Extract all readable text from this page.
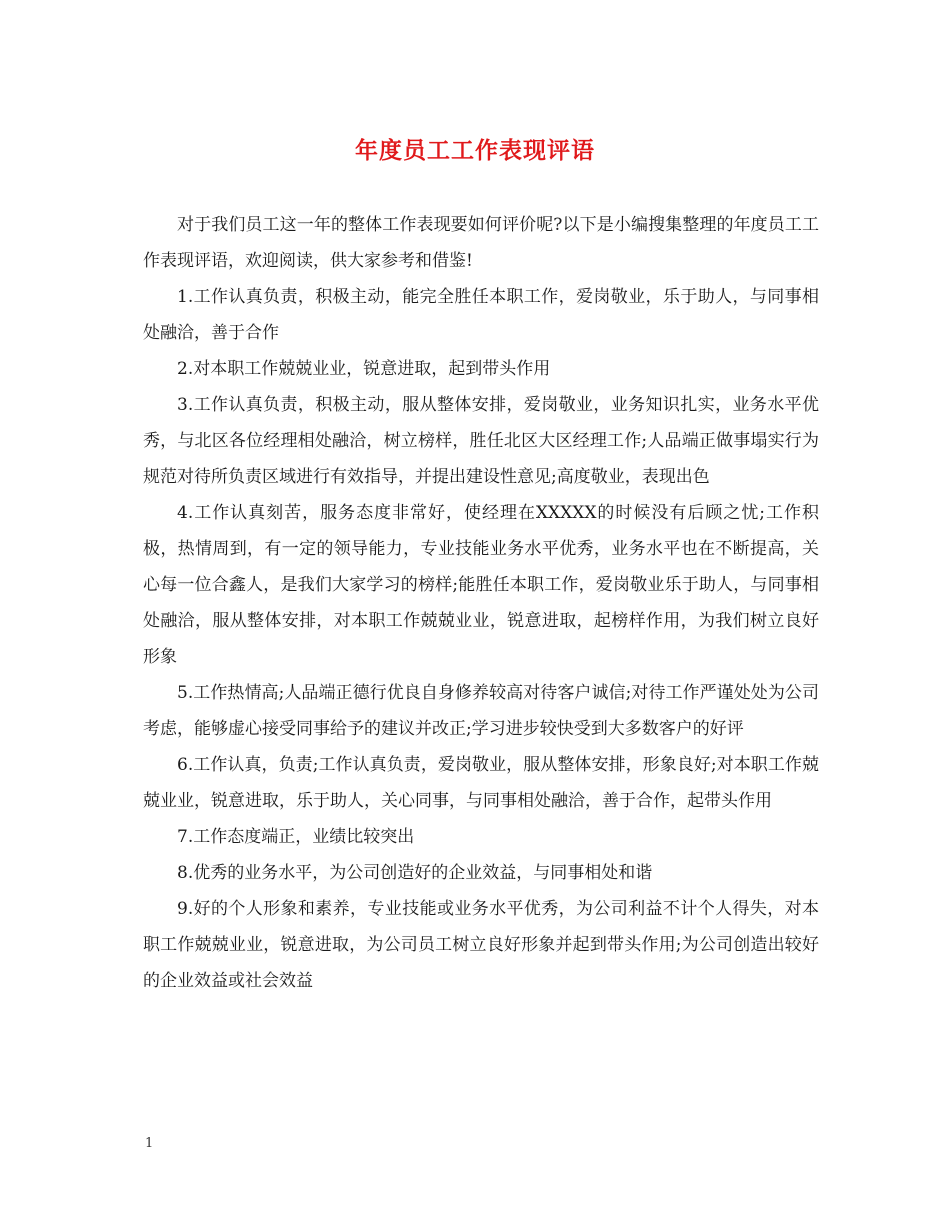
年度员工工作表现评语

对于我们员工这一年的整体工作表现要如何评价呢?以下是小编搜集整理的年度员工工作表现评语，欢迎阅读，供大家参考和借鉴!

1.工作认真负责，积极主动，能完全胜任本职工作，爱岗敬业，乐于助人，与同事相处融洽，善于合作

2.对本职工作兢兢业业，锐意进取，起到带头作用

3.工作认真负责，积极主动，服从整体安排，爱岗敬业，业务知识扎实，业务水平优秀，与北区各位经理相处融洽，树立榜样，胜任北区大区经理工作;人品端正做事塌实行为规范对待所负责区域进行有效指导，并提出建设性意见;高度敬业，表现出色

4.工作认真刻苦，服务态度非常好，使经理在XXXXX的时候没有后顾之忧;工作积极，热情周到，有一定的领导能力，专业技能业务水平优秀，业务水平也在不断提高，关心每一位合鑫人，是我们大家学习的榜样;能胜任本职工作，爱岗敬业乐于助人，与同事相处融洽，服从整体安排，对本职工作兢兢业业，锐意进取，起榜样作用，为我们树立良好形象

5.工作热情高;人品端正德行优良自身修养较高对待客户诚信;对待工作严谨处处为公司考虑，能够虚心接受同事给予的建议并改正;学习进步较快受到大多数客户的好评

6.工作认真，负责;工作认真负责，爱岗敬业，服从整体安排，形象良好;对本职工作兢兢业业，锐意进取，乐于助人，关心同事，与同事相处融洽，善于合作，起带头作用

7.工作态度端正，业绩比较突出

8.优秀的业务水平，为公司创造好的企业效益，与同事相处和谐

9.好的个人形象和素养，专业技能或业务水平优秀，为公司利益不计个人得失，对本职工作兢兢业业，锐意进取，为公司员工树立良好形象并起到带头作用;为公司创造出较好的企业效益或社会效益

1
